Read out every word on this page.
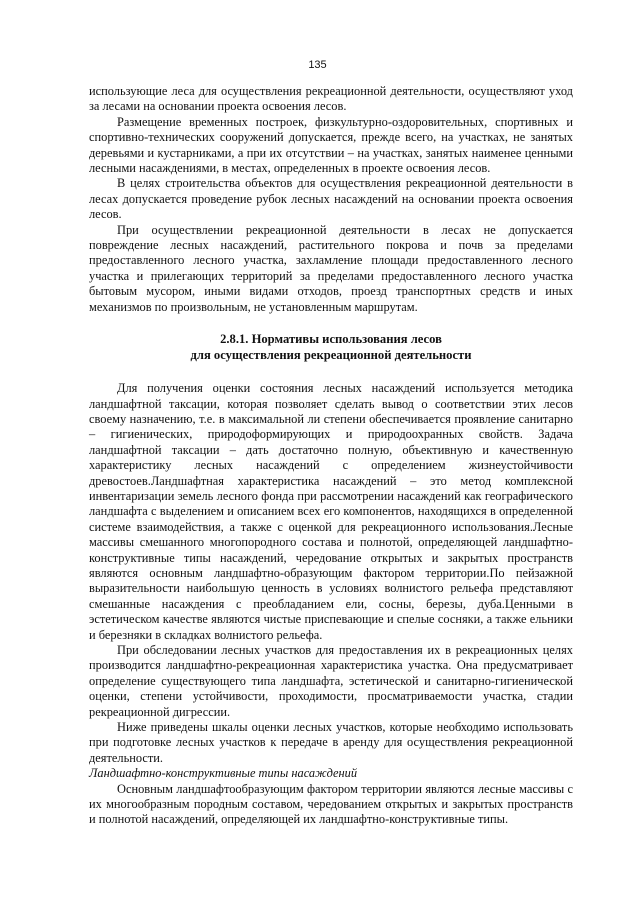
135

использующие леса для осуществления рекреационной деятельности, осуществляют уход за лесами на основании проекта освоения лесов.

Размещение временных построек, физкультурно-оздоровительных, спортивных и спортивно-технических сооружений допускается, прежде всего, на участках, не занятых деревьями и кустарниками, а при их отсутствии – на участках, занятых наименее ценными лесными насаждениями, в местах, определенных в проекте освоения лесов.

В целях строительства объектов для осуществления рекреационной деятельности в лесах допускается проведение рубок лесных насаждений на основании проекта освоения лесов.

При осуществлении рекреационной деятельности в лесах не допускается повреждение лесных насаждений, растительного покрова и почв за пределами предоставленного лесного участка, захламление площади предоставленного лесного участка и прилегающих территорий за пределами предоставленного лесного участка бытовым мусором, иными видами отходов, проезд транспортных средств и иных механизмов по произвольным, не установленным маршрутам.

2.8.1. Нормативы использования лесов
для осуществления рекреационной деятельности

Для получения оценки состояния лесных насаждений используется методика ландшафтной таксации, которая позволяет сделать вывод о соответствии этих лесов своему назначению, т.е. в максимальной ли степени обеспечивается проявление санитарно – гигиенических, природоформирующих и природоохранных свойств. Задача ландшафтной таксации – дать достаточно полную, объективную и качественную характеристику лесных насаждений с определением жизнеустойчивости древостоев.Ландшафтная характеристика насаждений – это метод комплексной инвентаризации земель лесного фонда при рассмотрении насаждений как географического ландшафта с выделением и описанием всех его компонентов, находящихся в определенной системе взаимодействия, а также с оценкой для рекреационного использования.Лесные массивы смешанного многопородного состава и полнотой, определяющей ландшафтно-конструктивные типы насаждений, чередование открытых и закрытых пространств являются основным ландшафтно-образующим фактором территории.По пейзажной выразительности наибольшую ценность в условиях волнистого рельефа представляют смешанные насаждения с преобладанием ели, сосны, березы, дуба.Ценными в эстетическом качестве являются чистые приспевающие и спелые сосняки, а также ельники и березняки в складках волнистого рельефа.

При обследовании лесных участков для предоставления их в рекреационных целях производится ландшафтно-рекреационная характеристика участка. Она предусматривает определение существующего типа ландшафта, эстетической и санитарно-гигиенической оценки, степени устойчивости, проходимости, просматриваемости участка, стадии рекреационной дигрессии.

Ниже приведены шкалы оценки лесных участков, которые необходимо использовать при подготовке лесных участков к передаче в аренду для осуществления рекреационной деятельности.

Ландшафтно-конструктивные типы насаждений

Основным ландшафтообразующим фактором территории являются лесные массивы с их многообразным породным составом, чередованием открытых и закрытых пространств и полнотой насаждений, определяющей их ландшафтно-конструктивные типы.
